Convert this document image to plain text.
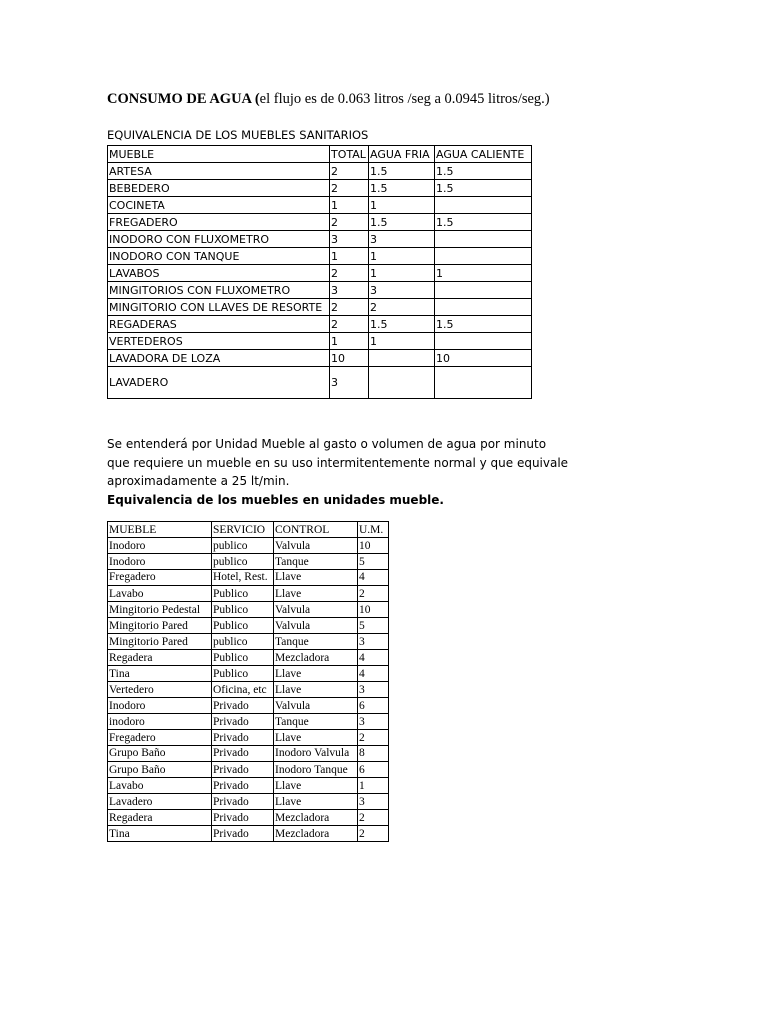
CONSUMO DE AGUA (el flujo es de 0.063 litros /seg a 0.0945 litros/seg.)
EQUIVALENCIA DE LOS MUEBLES SANITARIOS
MUEBLE	TOTAL	AGUA FRIA	AGUA CALIENTE
ARTESA	2	1.5	1.5
BEBEDERO	2	1.5	1.5
COCINETA	1	1	
FREGADERO	2	1.5	1.5
INODORO CON FLUXOMETRO	3	3	
INODORO CON TANQUE	1	1	
LAVABOS	2	1	1
MINGITORIOS CON FLUXOMETRO	3	3	
MINGITORIO CON LLAVES DE RESORTE	2	2	
REGADERAS	2	1.5	1.5
VERTEDEROS	1	1	
LAVADORA DE LOZA	10		10
LAVADERO	3		
Se entenderá por Unidad Mueble al gasto o volumen de agua por minuto
que requiere un mueble en su uso intermitentemente normal y que equivale
aproximadamente a 25 lt/min.
Equivalencia de los muebles en unidades mueble.
MUEBLE	SERVICIO	CONTROL	U.M.
Inodoro	publico	Valvula	10
Inodoro	publico	Tanque	5
Fregadero	Hotel, Rest.	Llave	4
Lavabo	Publico	Llave	2
Mingitorio Pedestal	Publico	Valvula	10
Mingitorio Pared	Publico	Valvula	5
Mingitorio Pared	publico	Tanque	3
Regadera	Publico	Mezcladora	4
Tina	Publico	Llave	4
Vertedero	Oficina, etc	Llave	3
Inodoro	Privado	Valvula	6
inodoro	Privado	Tanque	3
Fregadero	Privado	Llave	2
Grupo Baño	Privado	Inodoro Valvula	8
Grupo Baño	Privado	Inodoro Tanque	6
Lavabo	Privado	Llave	1
Lavadero	Privado	Llave	3
Regadera	Privado	Mezcladora	2
Tina	Privado	Mezcladora	2
